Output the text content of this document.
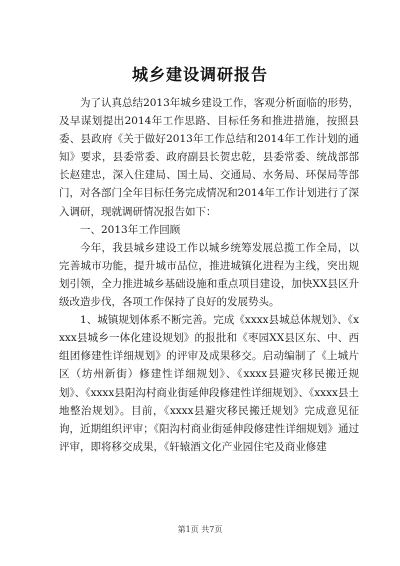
城乡建设调研报告

为了认真总结2013年城乡建设工作，客观分析面临的形势，及早谋划提出2014年工作思路、目标任务和推进措施，按照县委、县政府《关于做好2013年工作总结和2014年工作计划的通知》要求，县委常委、政府副县长贺忠乾，县委常委、统战部部长赵建忠，深入住建局、国土局、交通局、水务局、环保局等部门，对各部门全年目标任务完成情况和2014年工作计划进行了深入调研，现就调研情况报告如下：

一、2013年工作回顾

今年，我县城乡建设工作以城乡统筹发展总揽工作全局，以完善城市功能，提升城市品位，推进城镇化进程为主线，突出规划引领，全力推进城乡基础设施和重点项目建设，加快XX县区升级改造步伐，各项工作保持了良好的发展势头。

1、城镇规划体系不断完善。完成《xxxx县城总体规划》、《xxxx县城乡一体化建设规划》的报批和《枣园XX县区东、中、西组团修建性详细规划》的评审及成果移交。启动编制了《上城片区（坊州新街）修建性详细规划》、《xxxx县避灾移民搬迁规划》、《xxxx县阳沟村商业街延伸段修建性详细规划》、《xxxx县土地整治规划》。目前，《xxxx县避灾移民搬迁规划》完成意见征询，近期组织评审；《阳沟村商业街延伸段修建性详细规划》通过评审，即将移交成果，《轩辕酒文化产业园住宅及商业修建

第1页 共7页
